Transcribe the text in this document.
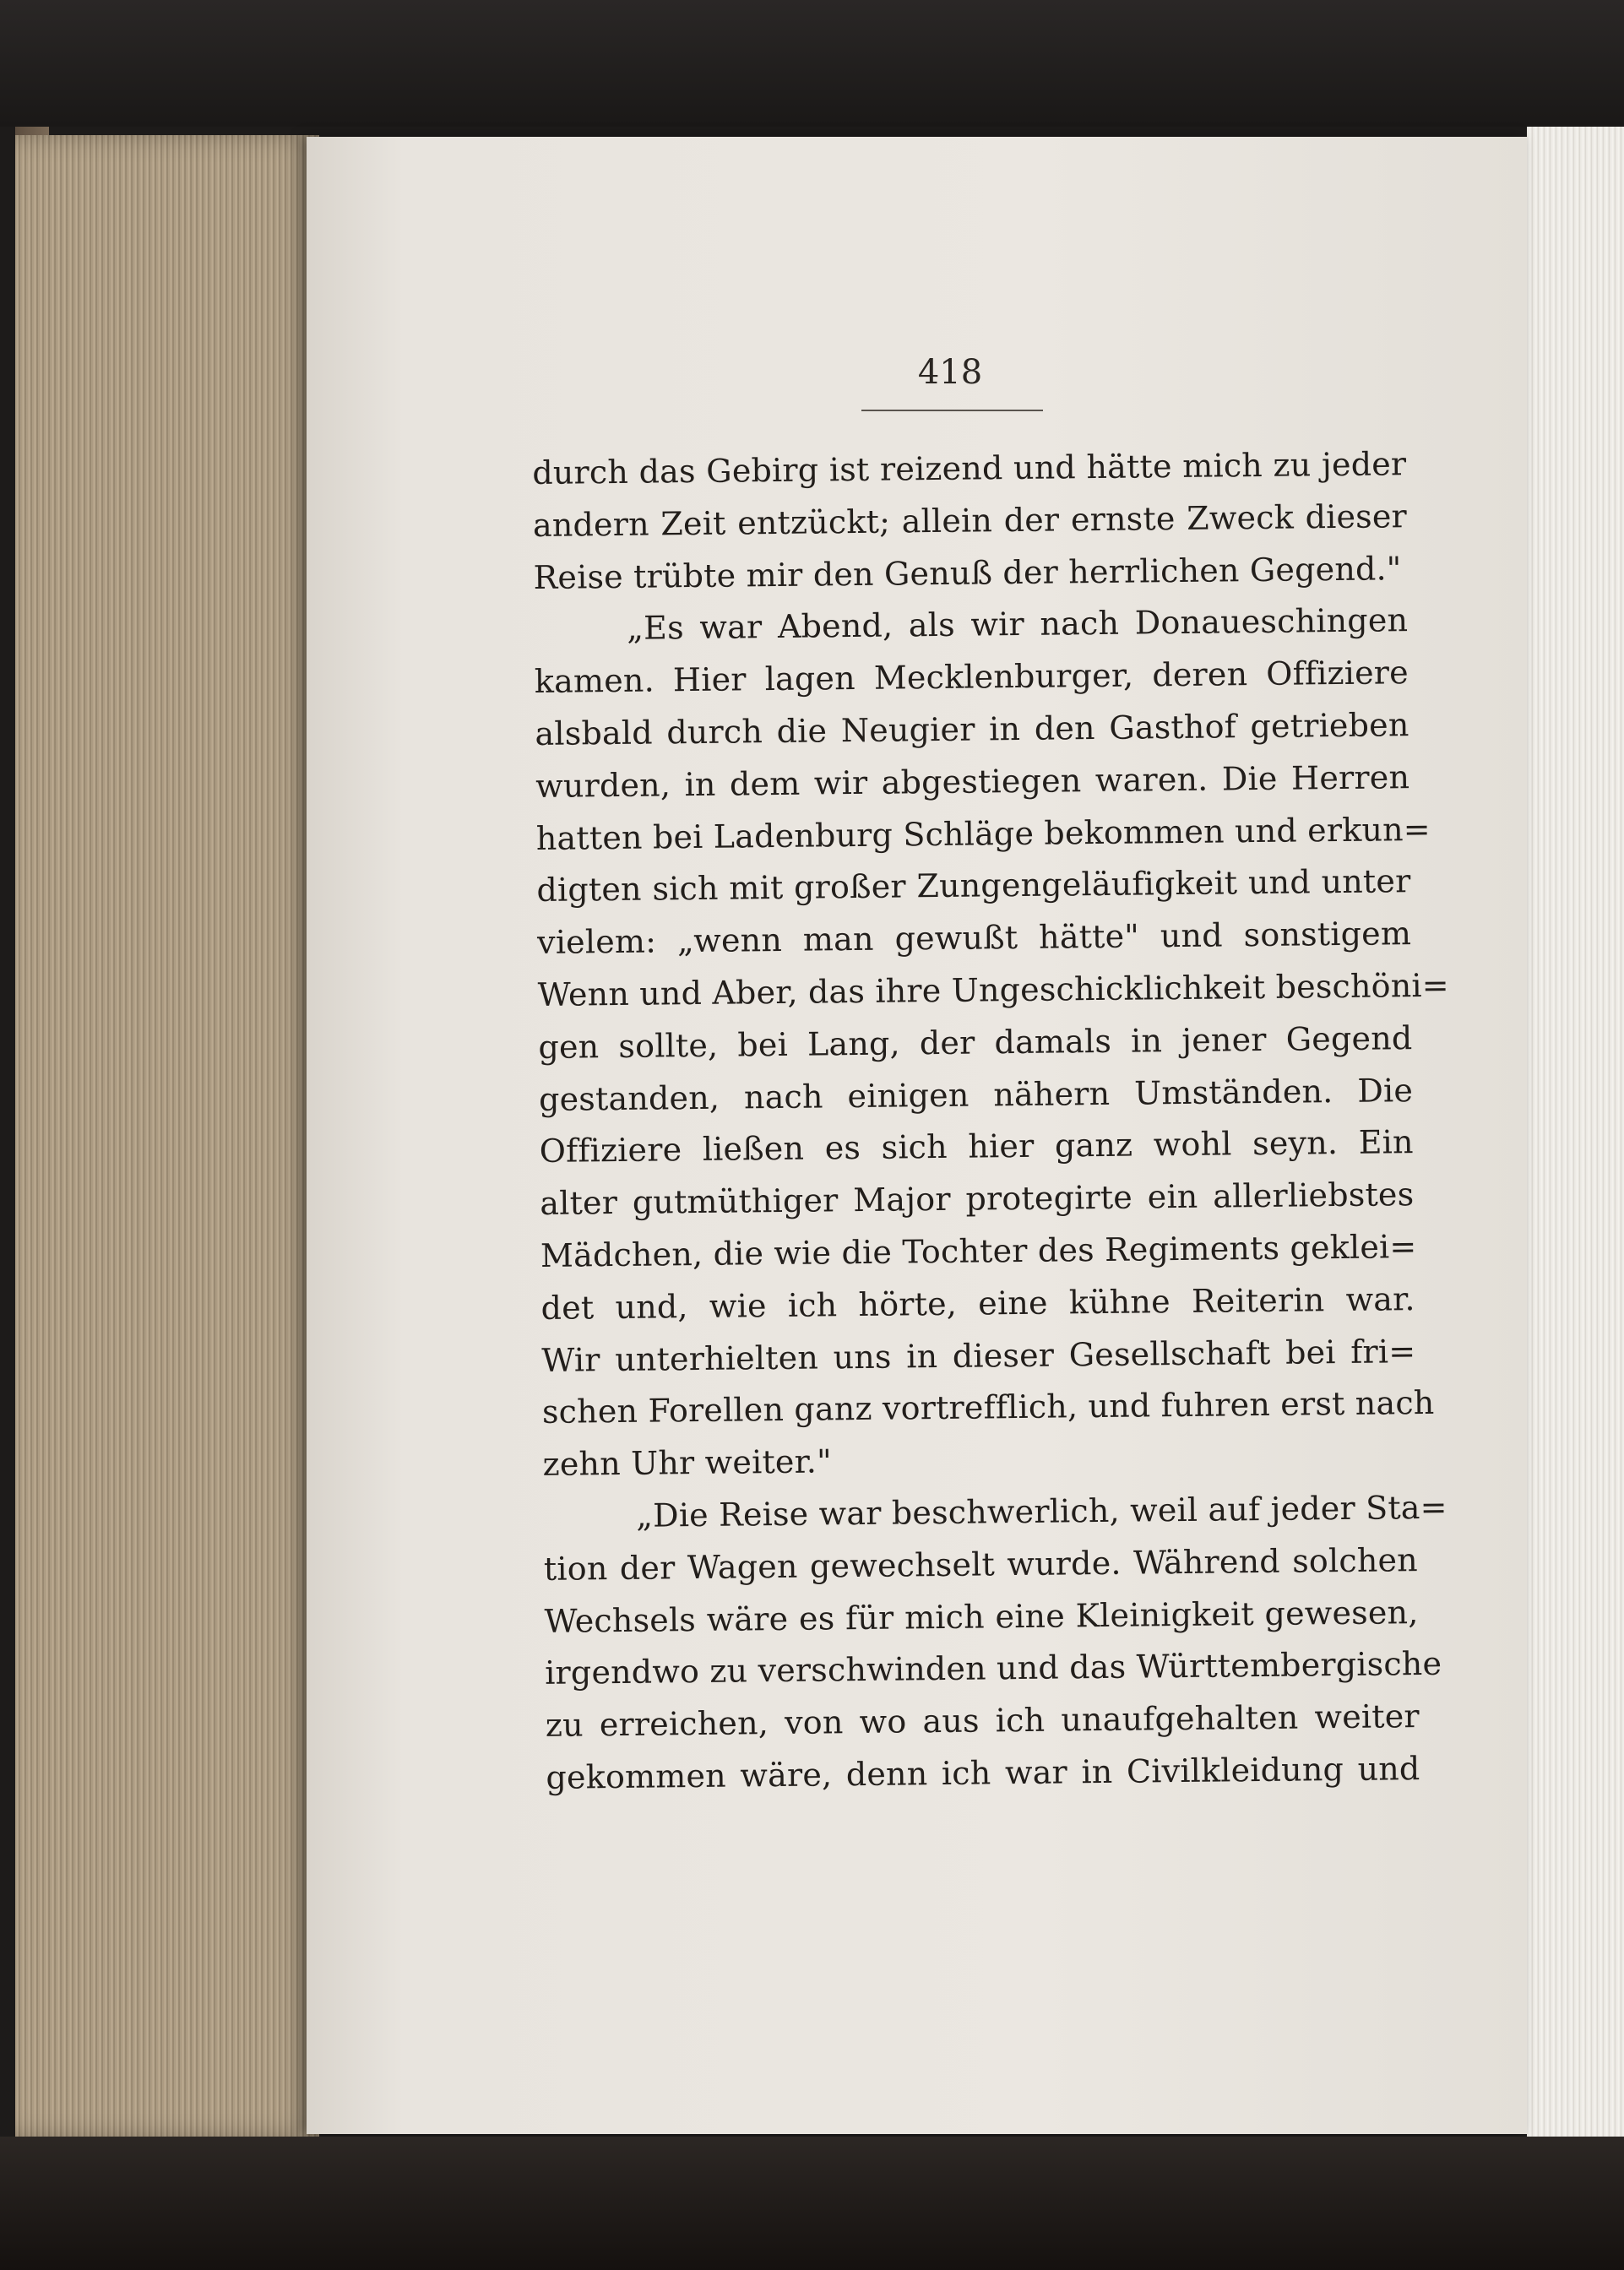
418
durch das Gebirg ist reizend und hätte mich zu jeder
andern Zeit entzückt; allein der ernste Zweck dieser
Reise trübte mir den Genuß der herrlichen Gegend."
„Es war Abend, als wir nach Donaueschingen
kamen. Hier lagen Mecklenburger, deren Offiziere
alsbald durch die Neugier in den Gasthof getrieben
wurden, in dem wir abgestiegen waren. Die Herren
hatten bei Ladenburg Schläge bekommen und erkun=
digten sich mit großer Zungengeläufigkeit und unter
vielem: „wenn man gewußt hätte" und sonstigem
Wenn und Aber, das ihre Ungeschicklichkeit beschöni=
gen sollte, bei Lang, der damals in jener Gegend
gestanden, nach einigen nähern Umständen. Die
Offiziere ließen es sich hier ganz wohl seyn. Ein
alter gutmüthiger Major protegirte ein allerliebstes
Mädchen, die wie die Tochter des Regiments geklei=
det und, wie ich hörte, eine kühne Reiterin war.
Wir unterhielten uns in dieser Gesellschaft bei fri=
schen Forellen ganz vortrefflich, und fuhren erst nach
zehn Uhr weiter."
„Die Reise war beschwerlich, weil auf jeder Sta=
tion der Wagen gewechselt wurde. Während solchen
Wechsels wäre es für mich eine Kleinigkeit gewesen,
irgendwo zu verschwinden und das Württembergische
zu erreichen, von wo aus ich unaufgehalten weiter
gekommen wäre, denn ich war in Civilkleidung und
